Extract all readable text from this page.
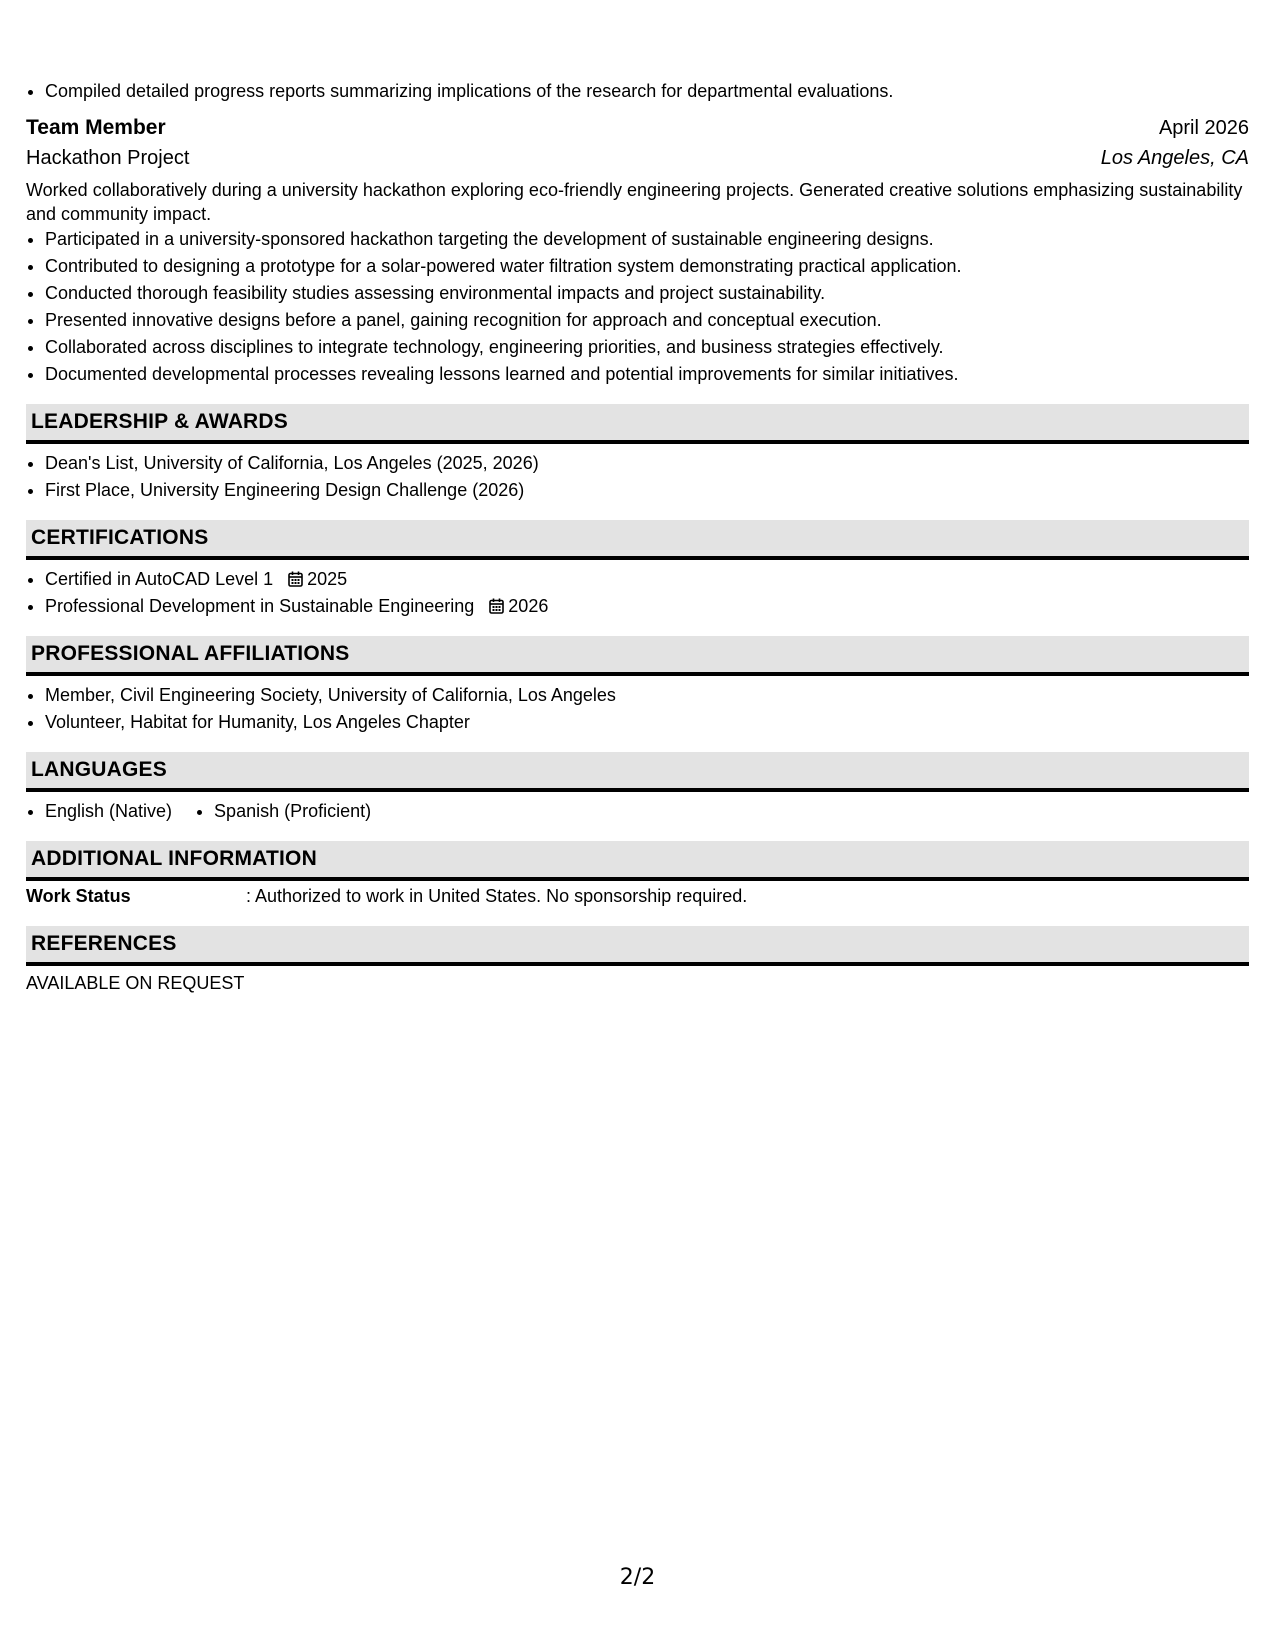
• Compiled detailed progress reports summarizing implications of the research for departmental evaluations.
Team Member	April 2026
Hackathon Project	Los Angeles, CA
Worked collaboratively during a university hackathon exploring eco-friendly engineering projects. Generated creative solutions emphasizing sustainability and community impact.
• Participated in a university-sponsored hackathon targeting the development of sustainable engineering designs.
• Contributed to designing a prototype for a solar-powered water filtration system demonstrating practical application.
• Conducted thorough feasibility studies assessing environmental impacts and project sustainability.
• Presented innovative designs before a panel, gaining recognition for approach and conceptual execution.
• Collaborated across disciplines to integrate technology, engineering priorities, and business strategies effectively.
• Documented developmental processes revealing lessons learned and potential improvements for similar initiatives.
LEADERSHIP & AWARDS
• Dean's List, University of California, Los Angeles (2025, 2026)
• First Place, University Engineering Design Challenge (2026)
CERTIFICATIONS
• Certified in AutoCAD Level 1 2025
• Professional Development in Sustainable Engineering 2026
PROFESSIONAL AFFILIATIONS
• Member, Civil Engineering Society, University of California, Los Angeles
• Volunteer, Habitat for Humanity, Los Angeles Chapter
LANGUAGES
• English (Native)
• Spanish (Proficient)
ADDITIONAL INFORMATION
Work Status	: Authorized to work in United States. No sponsorship required.
REFERENCES
AVAILABLE ON REQUEST
2/2
